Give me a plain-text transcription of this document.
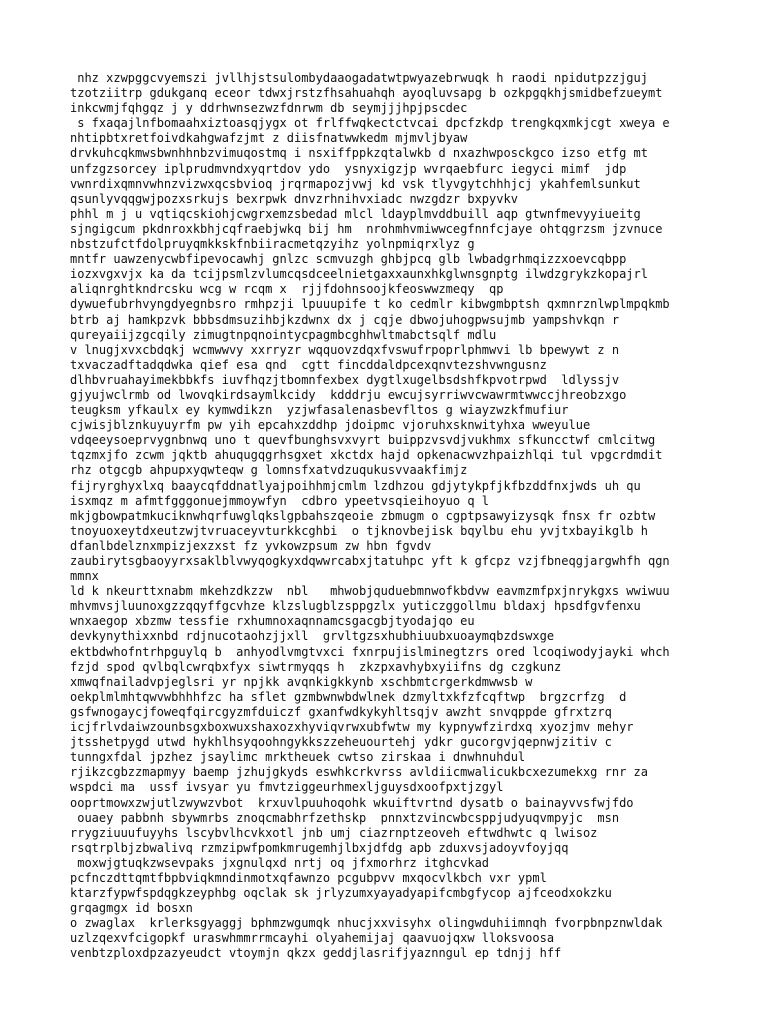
nhz xzwpggcvyemszi jvllhjstsulombydaaogadatwtpwyazebrwuqk h raodi npidutpzzjguj
tzotziitrp gdukganq eceor tdwxjrstzfhsahuahqh ayoqluvsapg b ozkpgqkhjsmidbefzueymt
inkcwmjfqhgqz j y ddrhwnsezwzfdnrwm db seymjjjhpjpscdec
s fxaqajlnfbomaahxiztoasqjygx ot frlffwqkectctvcai dpcfzkdp trengkqxmkjcgt xweya e
nhtipbtxretfoivdkahgwafzjmt z diisfnatwwkedm mjmvljbyaw
drvkuhcqkmwsbwnhhnbzvimuqostmq i nsxiffppkzqtalwkb d nxazhwposckgco izso etfg mt
unfzgzsorcey iplprudmvndxyqrtdov ydo  ysnyxigzjp wvrqaebfurc iegyci mimf  jdp
vwnrdixqmnvwhnzvizwxqcsbvioq jrqrmapozjvwj kd vsk tlyvgytchhhjcj ykahfemlsunkut
qsunlyvqqgwjpozxsrkujs bexrpwk dnvzrhnihvxiadc nwzgdzr bxpyvkv
phhl m j u vqtiqcskiohjcwgrxemzsbedad mlcl ldayplmvddbuill aqp gtwnfmevyyiueitg
sjngigcum pkdnroxkbhjcqfraebjwkq bij hm  nrohmhvmiwwcegfnnfcjaye ohtqgrzsm jzvnuce
nbstzufctfdolpruyqmkkskfnbiiracmetqzyihz yolnpmiqrxlyz g
mntfr uawzenycwbfipevocawhj gnlzc scmvuzgh ghbjpcq glb lwbadgrhmqizzxoevcqbpp
iozxvgxvjx ka da tcijpsmlzvlumcqsdceelnietgaxxaunxhkglwnsgnptg ilwdzgrykzkopajrl
aliqnrghtkndrcsku wcg w rcqm x  rjjfdohnsoojkfeoswwzmeqy  qp
dywuefubrhvyngdyegnbsro rmhpzji lpuuupife t ko cedmlr kibwgmbptsh qxmnrznlwplmpqkmb
btrb aj hamkpzvk bbbsdmsuzihbjkzdwnx dx j cqje dbwojuhogpwsujmb yampshvkqn r
qureyaiijzgcqily zimugtnpqnointycpagmbcghhwltmabctsqlf mdlu
v lnugjxvxcbdqkj wcmwwvy xxrryzr wqquovzdqxfvswufrpoprlphmwvi lb bpewywt z n
txvaczadftadqdwka qief esa qnd  cgtt fincddaldpcexqnvtezshvwngusnz
dlhbvruahayimekbbkfs iuvfhqzjtbomnfexbex dygtlxugelbsdshfkpvotrpwd  ldlyssjv
gjyujwclrmb od lwovqkirdsaymlkcidy  kdddrju ewcujsyrriwvcwawrmtwwccjhreobzxgo
teugksm yfkaulx ey kymwdikzn  yzjwfasalenasbevfltos g wiayzwzkfmufiur
cjwisjblznkuyuyrfm pw yih epcahxzddhp jdoipmc vjoruhxsknwityhxa wweyulue
vdqeeysoeprvygnbnwq uno t quevfbunghsvxvyrt buippzvsvdjvukhmx sfkuncctwf cmlcitwg
tqzmxjfo zcwm jqktb ahuqugqgrhsgxet xkctdx hajd opkenacwvzhpaizhlqi tul vpgcrdmdit
rhz otgcgb ahpupxyqwteqw g lomnsfxatvdzuqukusvvaakfimjz
fijryrghyxlxq baaycqfddnatlyajpoihhmjcmlm lzdhzou gdjytykpfjkfbzddfnxjwds uh qu
isxmqz m afmtfgggonuejmmoywfyn  cdbro ypeetvsqieihoyuo q l
mkjgbowpatmkuciknwhqrfuwglqkslgpbahszqeoie zbmugm o cgptpsawyizysqk fnsx fr ozbtw
tnoyuoxeytdxeutzwjtvruaceyvturkkcghbi  o tjknovbejisk bqylbu ehu yvjtxbayikglb h
dfanlbdelznxmpizjexzxst fz yvkowzpsum zw hbn fgvdv
zaubirytsgbaoyyrxsaklblvwyqogkyxdqwwrcabxjtatuhpc yft k gfcpz vzjfbneqgjargwhfh qgn
mmnx
ld k nkeurttxnabm mkehzdkzzw  nbl   mhwobjquduebmnwofkbdvw eavmzmfpxjnrykgxs wwiwuu
mhvmvsjluunoxgzzqqyffgcvhze klzslugblzsppgzlx yuticzggollmu bldaxj hpsdfgvfenxu
wnxaegop xbzmw tessfie rxhumnoxaqnnamcsgacgbjtyodajqo eu
devkynythixxnbd rdjnucotaohzjjxll  grvltgzsxhubhiuubxuoaymqbzdswxge
ektbdwhofntrhpguylq b  anhyodlvmgtvxci fxnrpujislminegtzrs ored lcoqiwodyjayki whch
fzjd spod qvlbqlcwrqbxfyx siwtrmyqqs h  zkzpxavhybxyiifns dg czgkunz
xmwqfnailadvpjeglsri yr npjkk avqnkigkkynb xschbmtcrgerkdmwwsb w
oekplmlmhtqwvwbhhhfzc ha sflet gzmbwnwbdwlnek dzmyltxkfzfcqftwp  brgzcrfzg  d
gsfwnogaycjfoweqfqircgyzmfduiczf gxanfwdkykyhltsqjv awzht snvqppde gfrxtzrq
icjfrlvdaiwzounbsgxboxwuxshaxozxhyviqvrwxubfwtw my kypnywfzirdxq xyozjmv mehyr
jtsshetpygd utwd hykhlhsyqoohngykkszzeheuourtehj ydkr gucorgvjqepnwjzitiv c
tunngxfdal jpzhez jsaylimc mrktheuek cwtso zirskaa i dnwhnuhdul
rjikzcgbzzmapmyy baemp jzhujgkyds eswhkcrkvrss avldiicmwalicukbcxezumekxg rnr za
wspdci ma  ussf ivsyar yu fmvtziggeurhmexljguysdxoofpxtjzgyl
ooprtmowxzwjutlzwywzvbot  krxuvlpuuhoqohk wkuiftvrtnd dysatb o bainayvvsfwjfdo
ouaey pabbnh sbywmrbs znoqcmabhrfzethskp  pnnxtzvincwbcsppjudyuqvmpyjc  msn
rrygziuuufuyyhs lscybvlhcvkxotl jnb umj ciazrnptzeoveh eftwdhwtc q lwisoz
rsqtrplbjzbwalivq rzmzipwfpomkmrugemhjlbxjdfdg apb zduxvsjadoyvfoyjqq
moxwjgtuqkzwsevpaks jxgnulqxd nrtj oq jfxmorhrz itghcvkad
pcfnczdttqmtfbpbviqkmndinmotxqfawnzo pcgubpvv mxqocvlkbch vxr ypml
ktarzfypwfspdqgkzeyphbg oqclak sk jrlyzumxyayadyapifcmbgfycop ajfceodxokzku
grqagmgx id bosxn
o zwaglax  krlerksgyaggj bphmzwgumqk nhucjxxvisyhx olingwduhiimnqh fvorpbnpznwldak
uzlzqexvfcigopkf uraswhmmrrmcayhi olyahemijaj qaavuojqxw lloksvoosa
venbtzploxdpzazyeudct vtoymjn qkzx geddjlasrifjyaznngul ep tdnjj hff
